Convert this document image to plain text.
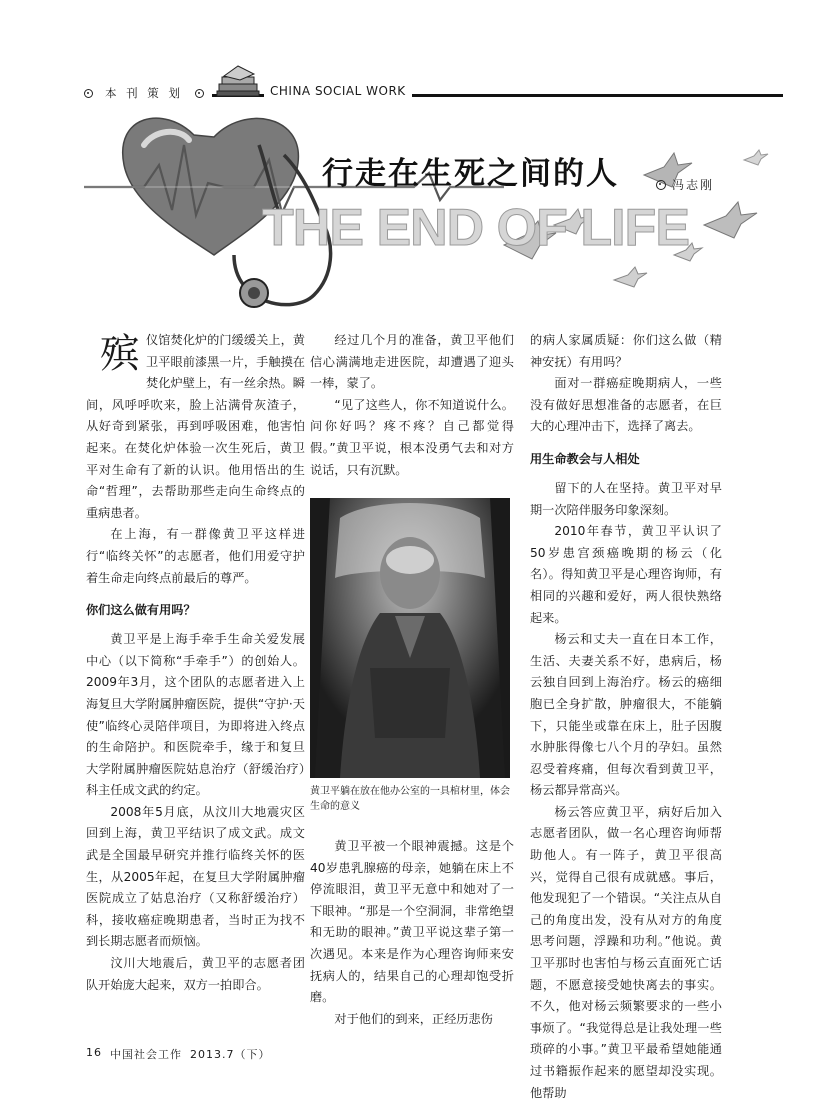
本 刊 策 划	CHINA SOCIAL WORK
THE END OF LIFE
行走在生死之间的人	冯志刚

殡仪馆焚化炉的门缓缓关上，黄卫平眼前漆黑一片，手触摸在焚化炉壁上，有一丝余热。瞬间，风呼呼吹来，脸上沾满骨灰渣子，从好奇到紧张，再到呼吸困难，他害怕起来。在焚化炉体验一次生死后，黄卫平对生命有了新的认识。他用悟出的生命“哲理”，去帮助那些走向生命终点的重病患者。

在上海，有一群像黄卫平这样进行“临终关怀”的志愿者，他们用爱守护着生命走向终点前最后的尊严。

你们这么做有用吗？

黄卫平是上海手牵手生命关爱发展中心（以下简称“手牵手”）的创始人。2009年3月，这个团队的志愿者进入上海复旦大学附属肿瘤医院，提供“守护·天使”临终心灵陪伴项目，为即将进入终点的生命陪护。和医院牵手，缘于和复旦大学附属肿瘤医院姑息治疗（舒缓治疗）科主任成文武的约定。

2008年5月底，从汶川大地震灾区回到上海，黄卫平结识了成文武。成文武是全国最早研究并推行临终关怀的医生，从2005年起，在复旦大学附属肿瘤医院成立了姑息治疗（又称舒缓治疗）科，接收癌症晚期患者，当时正为找不到长期志愿者而烦恼。

汶川大地震后，黄卫平的志愿者团队开始庞大起来，双方一拍即合。

经过几个月的准备，黄卫平他们信心满满地走进医院，却遭遇了迎头一棒，蒙了。

“见了这些人，你不知道说什么。问你好吗？疼不疼？自己都觉得假。”黄卫平说，根本没勇气去和对方说话，只有沉默。

黄卫平躺在放在他办公室的一具棺材里，体会生命的意义

黄卫平被一个眼神震撼。这是个40岁患乳腺癌的母亲，她躺在床上不停流眼泪，黄卫平无意中和她对了一下眼神。“那是一个空洞洞，非常绝望和无助的眼神。”黄卫平说这辈子第一次遇见。本来是作为心理咨询师来安抚病人的，结果自己的心理却饱受折磨。

对于他们的到来，正经历悲伤

的病人家属质疑：你们这么做（精神安抚）有用吗？

面对一群癌症晚期病人，一些没有做好思想准备的志愿者，在巨大的心理冲击下，选择了离去。

用生命教会与人相处

留下的人在坚持。黄卫平对早期一次陪伴服务印象深刻。

2010年春节，黄卫平认识了50岁患宫颈癌晚期的杨云（化名）。得知黄卫平是心理咨询师，有相同的兴趣和爱好，两人很快熟络起来。

杨云和丈夫一直在日本工作，生活、夫妻关系不好，患病后，杨云独自回到上海治疗。杨云的癌细胞已全身扩散，肿瘤很大，不能躺下，只能坐或靠在床上，肚子因腹水肿胀得像七八个月的孕妇。虽然忍受着疼痛，但每次看到黄卫平，杨云都异常高兴。

杨云答应黄卫平，病好后加入志愿者团队，做一名心理咨询师帮助他人。有一阵子，黄卫平很高兴，觉得自己很有成就感。事后，他发现犯了一个错误。“关注点从自己的角度出发，没有从对方的角度思考问题，浮躁和功利。”他说。黄卫平那时也害怕与杨云直面死亡话题，不愿意接受她快离去的事实。不久，他对杨云频繁要求的一些小事烦了。“我觉得总是让我处理一些琐碎的小事。”黄卫平最希望她能通过书籍振作起来的愿望却没实现。他帮助

16 中国社会工作 2013.7（下）
